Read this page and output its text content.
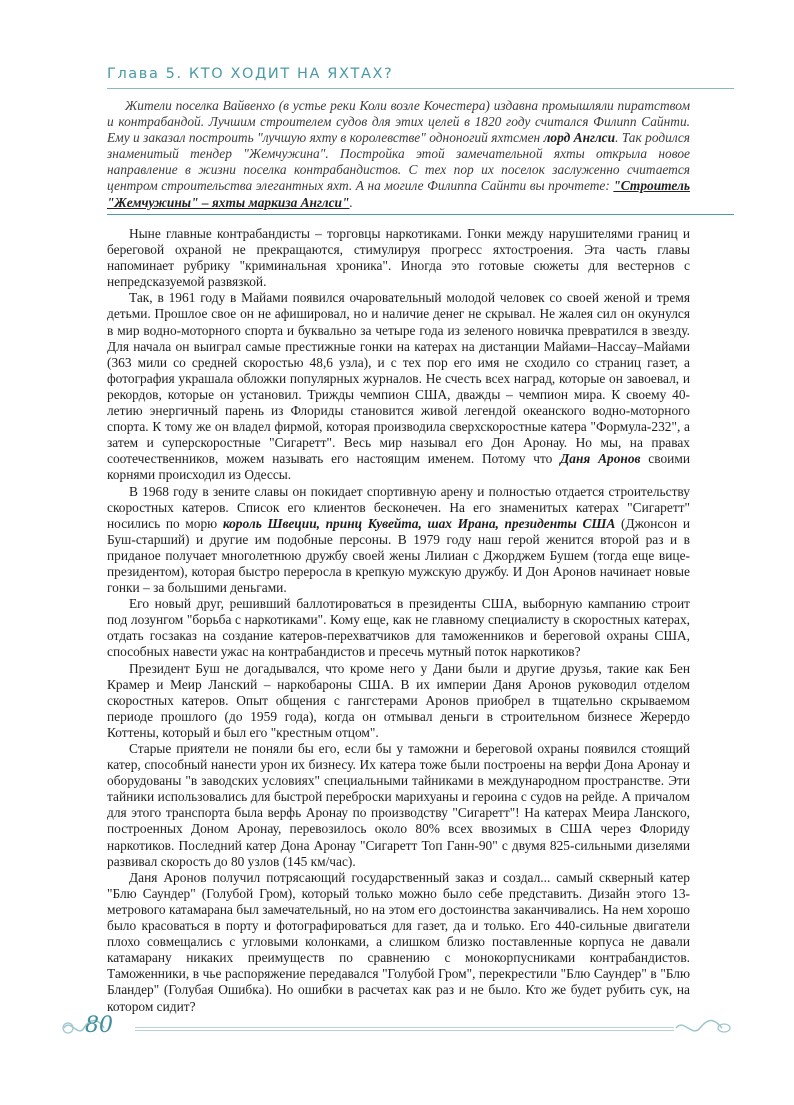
Глава 5. КТО ХОДИТ НА ЯХТАХ?

Жители поселка Вайвенхо (в устье реки Коли возле Кочестера) издавна промышляли пиратством и контрабандой. Лучшим строителем судов для этих целей в 1820 году считался Филипп Сайнти. Ему и заказал построить "лучшую яхту в королевстве" одноногий яхтсмен лорд Англси. Так родился знаменитый тендер "Жемчужина". Постройка этой замечательной яхты открыла новое направление в жизни поселка контрабандистов. С тех пор их поселок заслуженно считается центром строительства элегантных яхт. А на могиле Филиппа Сайнти вы прочтете: "Строитель "Жемчужины" – яхты маркиза Англси".

Ныне главные контрабандисты – торговцы наркотиками. Гонки между нарушителями границ и береговой охраной не прекращаются, стимулируя прогресс яхтостроения. Эта часть главы напоминает рубрику "криминальная хроника". Иногда это готовые сюжеты для вестернов с непредсказуемой развязкой.

Так, в 1961 году в Майами появился очаровательный молодой человек со своей женой и тремя детьми. Прошлое свое он не афишировал, но и наличие денег не скрывал. Не жалея сил он окунулся в мир водно-моторного спорта и буквально за четыре года из зеленого новичка превратился в звезду. Для начала он выиграл самые престижные гонки на катерах на дистанции Майами–Нассау–Майами (363 мили со средней скоростью 48,6 узла), и с тех пор его имя не сходило со страниц газет, а фотография украшала обложки популярных журналов. Не счесть всех наград, которые он завоевал, и рекордов, которые он установил. Трижды чемпион США, дважды – чемпион мира. К своему 40-летию энергичный парень из Флориды становится живой легендой океанского водно-моторного спорта. К тому же он владел фирмой, которая производила сверхскоростные катера "Формула-232", а затем и суперскоростные "Сигаретт". Весь мир называл его Дон Аронау. Но мы, на правах соотечественников, можем называть его настоящим именем. Потому что Даня Аронов своими корнями происходил из Одессы.

В 1968 году в зените славы он покидает спортивную арену и полностью отдается строительству скоростных катеров. Список его клиентов бесконечен. На его знаменитых катерах "Сигаретт" носились по морю король Швеции, принц Кувейта, шах Ирана, президенты США (Джонсон и Буш-старший) и другие им подобные персоны. В 1979 году наш герой женится второй раз и в приданое получает многолетнюю дружбу своей жены Лилиан с Джорджем Бушем (тогда еще вице-президентом), которая быстро переросла в крепкую мужскую дружбу. И Дон Аронов начинает новые гонки – за большими деньгами.

Его новый друг, решивший баллотироваться в президенты США, выборную кампанию строит под лозунгом "борьба с наркотиками". Кому еще, как не главному специалисту в скоростных катерах, отдать госзаказ на создание катеров-перехватчиков для таможенников и береговой охраны США, способных навести ужас на контрабандистов и пресечь мутный поток наркотиков?

Президент Буш не догадывался, что кроме него у Дани были и другие друзья, такие как Бен Крамер и Меир Ланский – наркобароны США. В их империи Даня Аронов руководил отделом скоростных катеров. Опыт общения с гангстерами Аронов приобрел в тщательно скрываемом периоде прошлого (до 1959 года), когда он отмывал деньги в строительном бизнесе Жерердо Коттены, который и был его "крестным отцом".

Старые приятели не поняли бы его, если бы у таможни и береговой охраны появился стоящий катер, способный нанести урон их бизнесу. Их катера тоже были построены на верфи Дона Аронау и оборудованы "в заводских условиях" специальными тайниками в международном пространстве. Эти тайники использовались для быстрой переброски марихуаны и героина с судов на рейде. А причалом для этого транспорта была верфь Аронау по производству "Сигаретт"! На катерах Меира Ланского, построенных Доном Аронау, перевозилось около 80% всех ввозимых в США через Флориду наркотиков. Последний катер Дона Аронау "Сигаретт Топ Ганн-90" с двумя 825-сильными дизелями развивал скорость до 80 узлов (145 км/час).

Даня Аронов получил потрясающий государственный заказ и создал... самый скверный катер "Блю Саундер" (Голубой Гром), который только можно было себе представить. Дизайн этого 13-метрового катамарана был замечательный, но на этом его достоинства заканчивались. На нем хорошо было красоваться в порту и фотографироваться для газет, да и только. Его 440-сильные двигатели плохо совмещались с угловыми колонками, а слишком близко поставленные корпуса не давали катамарану никаких преимуществ по сравнению с монокорпусниками контрабандистов. Таможенники, в чье распоряжение передавался "Голубой Гром", перекрестили "Блю Саундер" в "Блю Бландер" (Голубая Ошибка). Но ошибки в расчетах как раз и не было. Кто же будет рубить сук, на котором сидит?

80
